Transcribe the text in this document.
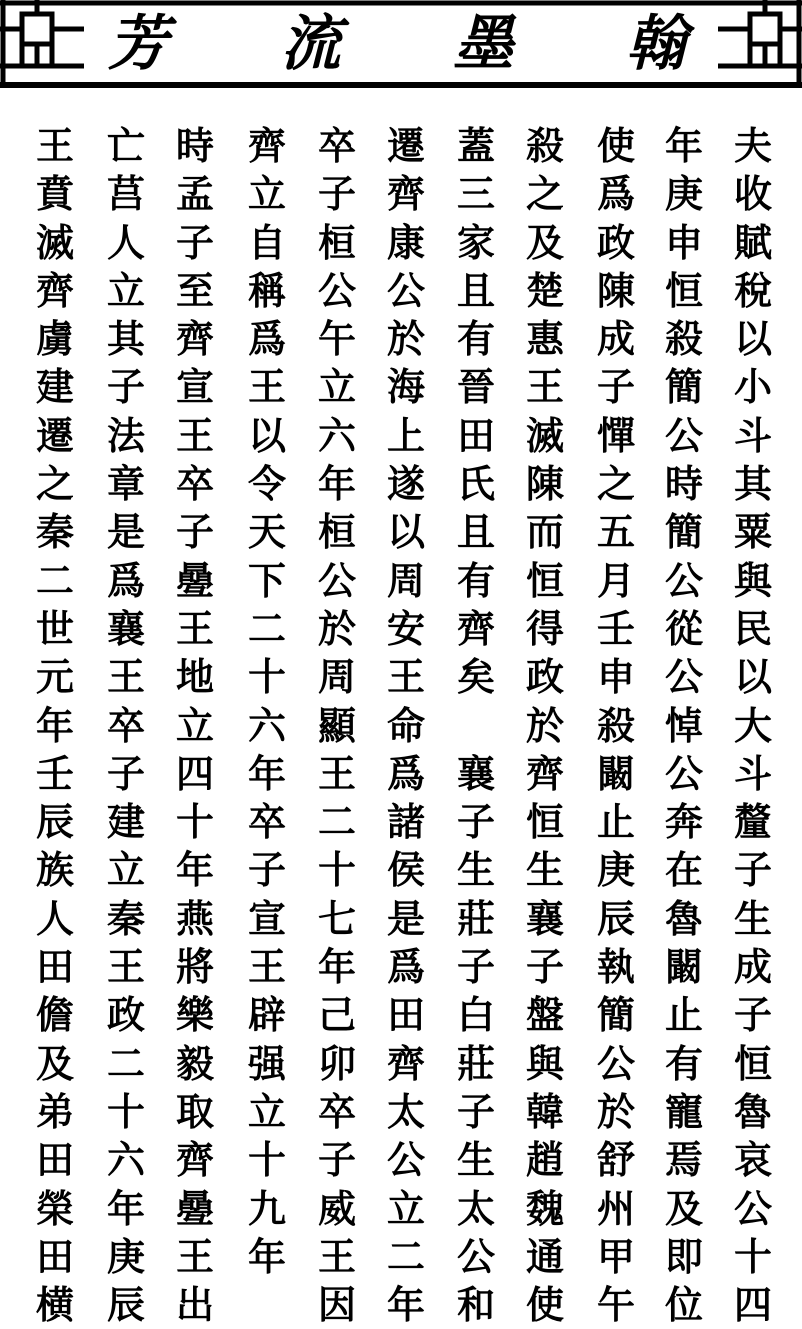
芳 流 墨 翰
夫
收
賦
稅
以
小
斗
其
粟
與
民
以
大
斗
釐
子
生
成
子
恒
魯
哀
公
十
四
年
庚
申
恒
殺
簡
公
時
簡
公
從
公
悼
公
奔
在
魯
闞
止
有
寵
焉
及
即
位
使
爲
政
陳
成
子
憚
之
五
月
壬
申
殺
闞
止
庚
辰
執
簡
公
於
舒
州
甲
午
殺
之
及
楚
惠
王
滅
陳
而
恒
得
政
於
齊
恒
生
襄
子
盤
與
韓
趙
魏
通
使
蓋
三
家
且
有
晉
田
氏
且
有
齊
矣
襄
子
生
莊
子
白
莊
子
生
太
公
和
遷
齊
康
公
於
海
上
遂
以
周
安
王
命
爲
諸
侯
是
爲
田
齊
太
公
立
二
年
卒
子
桓
公
午
立
六
年
桓
公
於
周
顯
王
二
十
七
年
己
卯
卒
子
威
王
因
齊
立
自
稱
爲
王
以
令
天
下
二
十
六
年
卒
子
宣
王
辟
强
立
十
九
年
時
孟
子
至
齊
宣
王
卒
子
㬪
王
地
立
四
十
年
燕
將
樂
毅
取
齊
㬪
王
出
亡
莒
人
立
其
子
法
章
是
爲
襄
王
卒
子
建
立
秦
王
政
二
十
六
年
庚
辰
王
賁
滅
齊
虜
建
遷
之
秦
二
世
元
年
壬
辰
族
人
田
儋
及
弟
田
榮
田
横
